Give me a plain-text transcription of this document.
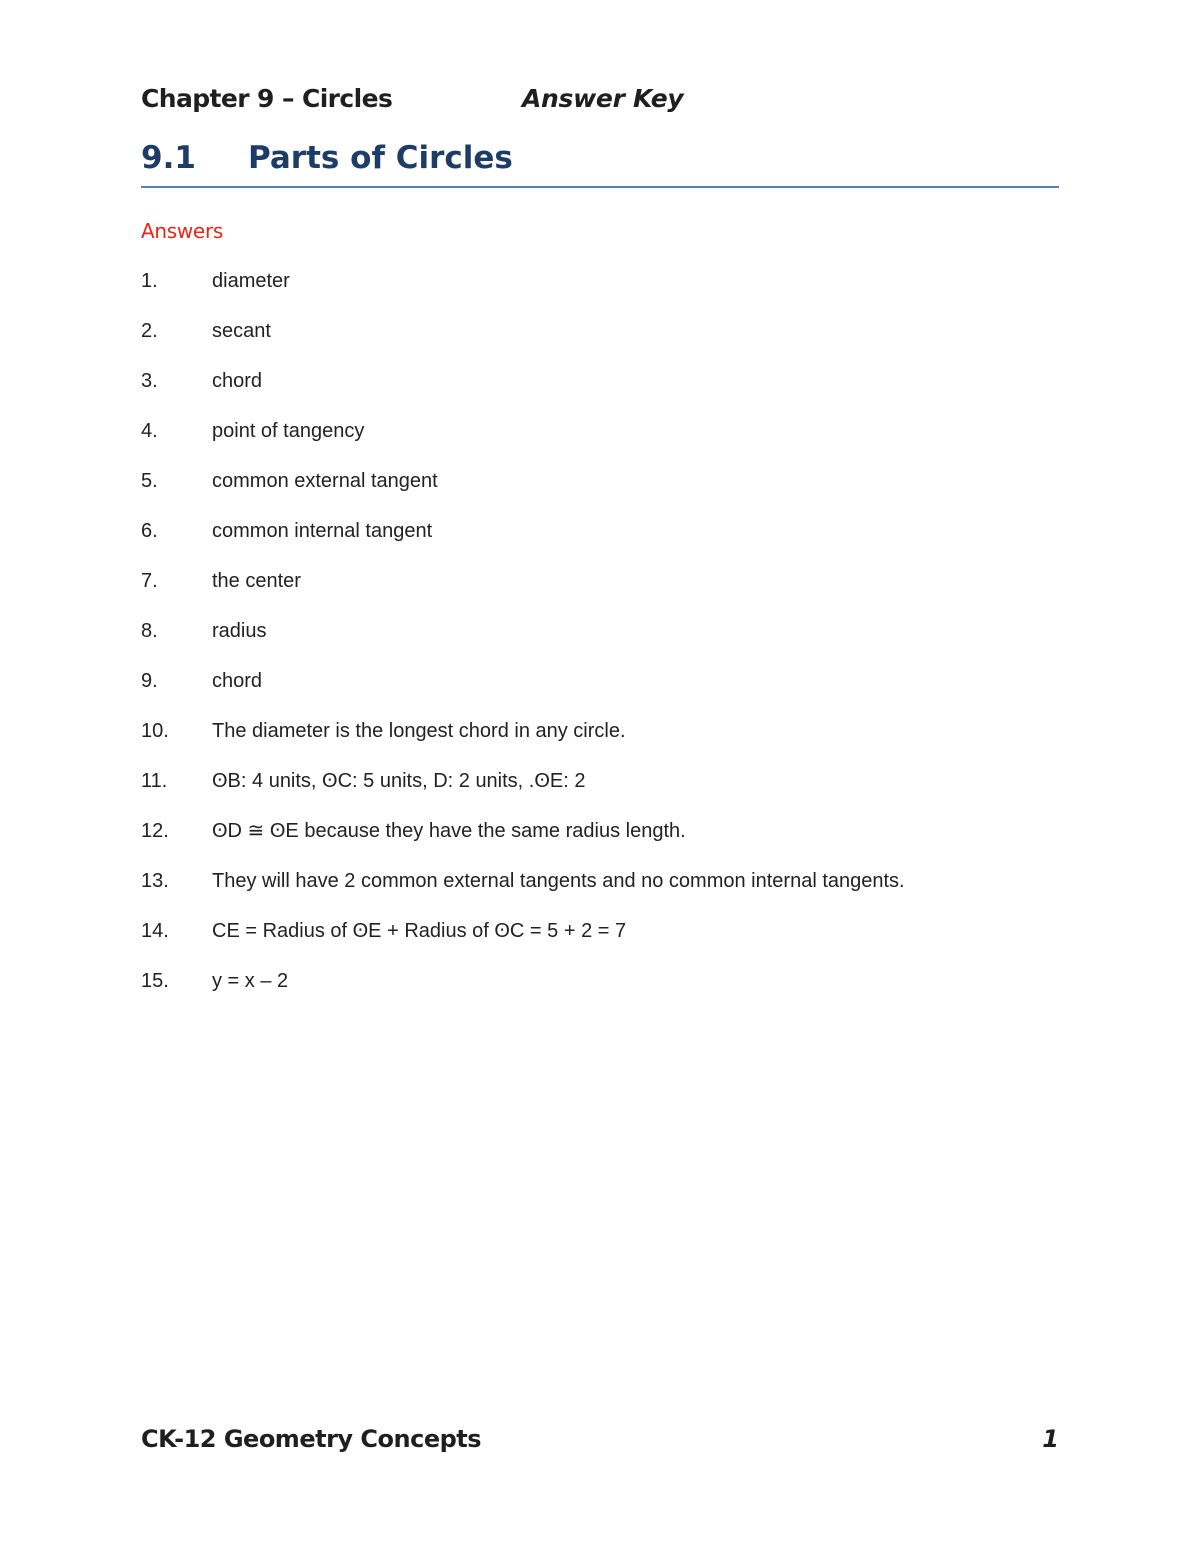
Chapter 9 – Circles	Answer Key
9.1 Parts of Circles
Answers
1.	diameter
2.	secant
3.	chord
4.	point of tangency
5.	common external tangent
6.	common internal tangent
7.	the center
8.	radius
9.	chord
10.	The diameter is the longest chord in any circle.
11.	ʘB: 4 units, ʘC: 5 units, D: 2 units, .ʘE: 2
12.	ʘD ≅ ʘE because they have the same radius length.
13.	They will have 2 common external tangents and no common internal tangents.
14.	CE = Radius of ʘE + Radius of ʘC = 5 + 2 = 7
15.	y = x – 2
CK-12 Geometry Concepts	1
